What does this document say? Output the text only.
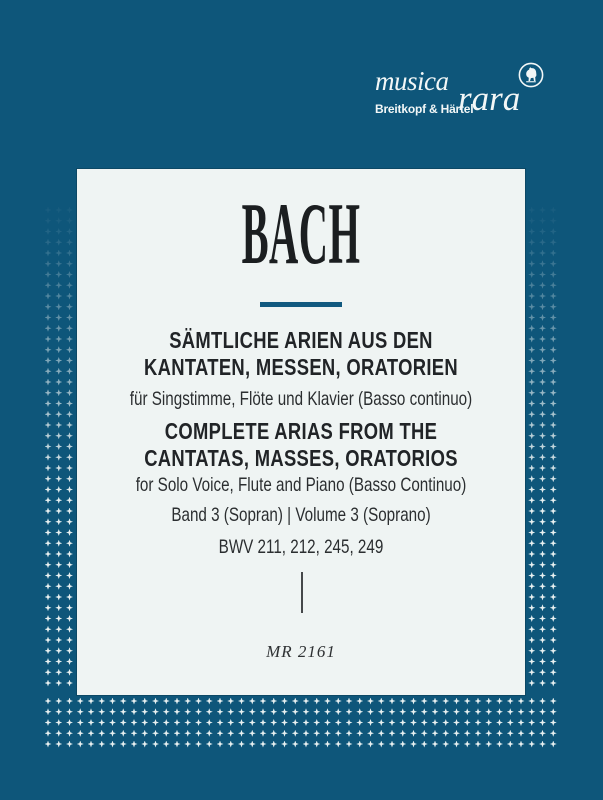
musica rara
Breitkopf & Härtel
BACH
SÄMTLICHE ARIEN AUS DEN
KANTATEN, MESSEN, ORATORIEN
für Singstimme, Flöte und Klavier (Basso continuo)
COMPLETE ARIAS FROM THE
CANTATAS, MASSES, ORATORIOS
for Solo Voice, Flute and Piano (Basso Continuo)
Band 3 (Sopran) | Volume 3 (Soprano)
BWV 211, 212, 245, 249
MR 2161
